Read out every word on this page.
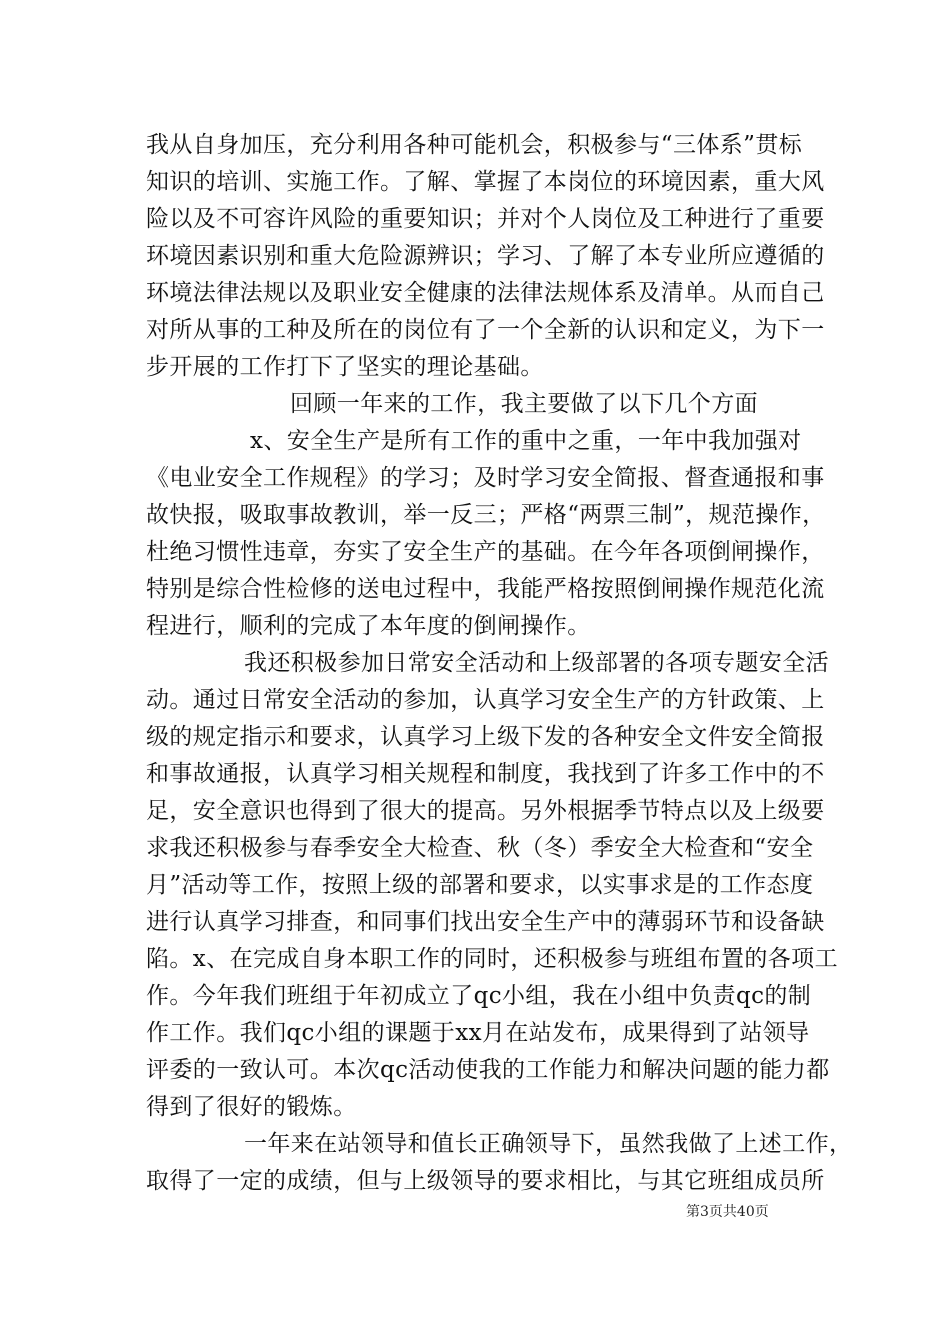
我从自身加压，充分利用各种可能机会，积极参与“三体系”贯标
知识的培训、实施工作。了解、掌握了本岗位的环境因素，重大风
险以及不可容许风险的重要知识；并对个人岗位及工种进行了重要
环境因素识别和重大危险源辨识；学习、了解了本专业所应遵循的
环境法律法规以及职业安全健康的法律法规体系及清单。从而自己
对所从事的工种及所在的岗位有了一个全新的认识和定义，为下一
步开展的工作打下了坚实的理论基础。
回顾一年来的工作，我主要做了以下几个方面
x、安全生产是所有工作的重中之重，一年中我加强对
《电业安全工作规程》的学习；及时学习安全简报、督查通报和事
故快报，吸取事故教训，举一反三；严格“两票三制”，规范操作，
杜绝习惯性违章，夯实了安全生产的基础。在今年各项倒闸操作，
特别是综合性检修的送电过程中，我能严格按照倒闸操作规范化流
程进行，顺利的完成了本年度的倒闸操作。
我还积极参加日常安全活动和上级部署的各项专题安全活
动。通过日常安全活动的参加，认真学习安全生产的方针政策、上
级的规定指示和要求，认真学习上级下发的各种安全文件安全简报
和事故通报，认真学习相关规程和制度，我找到了许多工作中的不
足，安全意识也得到了很大的提高。另外根据季节特点以及上级要
求我还积极参与春季安全大检查、秋（冬）季安全大检查和“安全
月”活动等工作，按照上级的部署和要求，以实事求是的工作态度
进行认真学习排查，和同事们找出安全生产中的薄弱环节和设备缺
陷。x、在完成自身本职工作的同时，还积极参与班组布置的各项工
作。今年我们班组于年初成立了qc小组，我在小组中负责qc的制
作工作。我们qc小组的课题于xx月在站发布，成果得到了站领导
评委的一致认可。本次qc活动使我的工作能力和解决问题的能力都
得到了很好的锻炼。
一年来在站领导和值长正确领导下，虽然我做了上述工作，
取得了一定的成绩，但与上级领导的要求相比，与其它班组成员所
第3页共40页
